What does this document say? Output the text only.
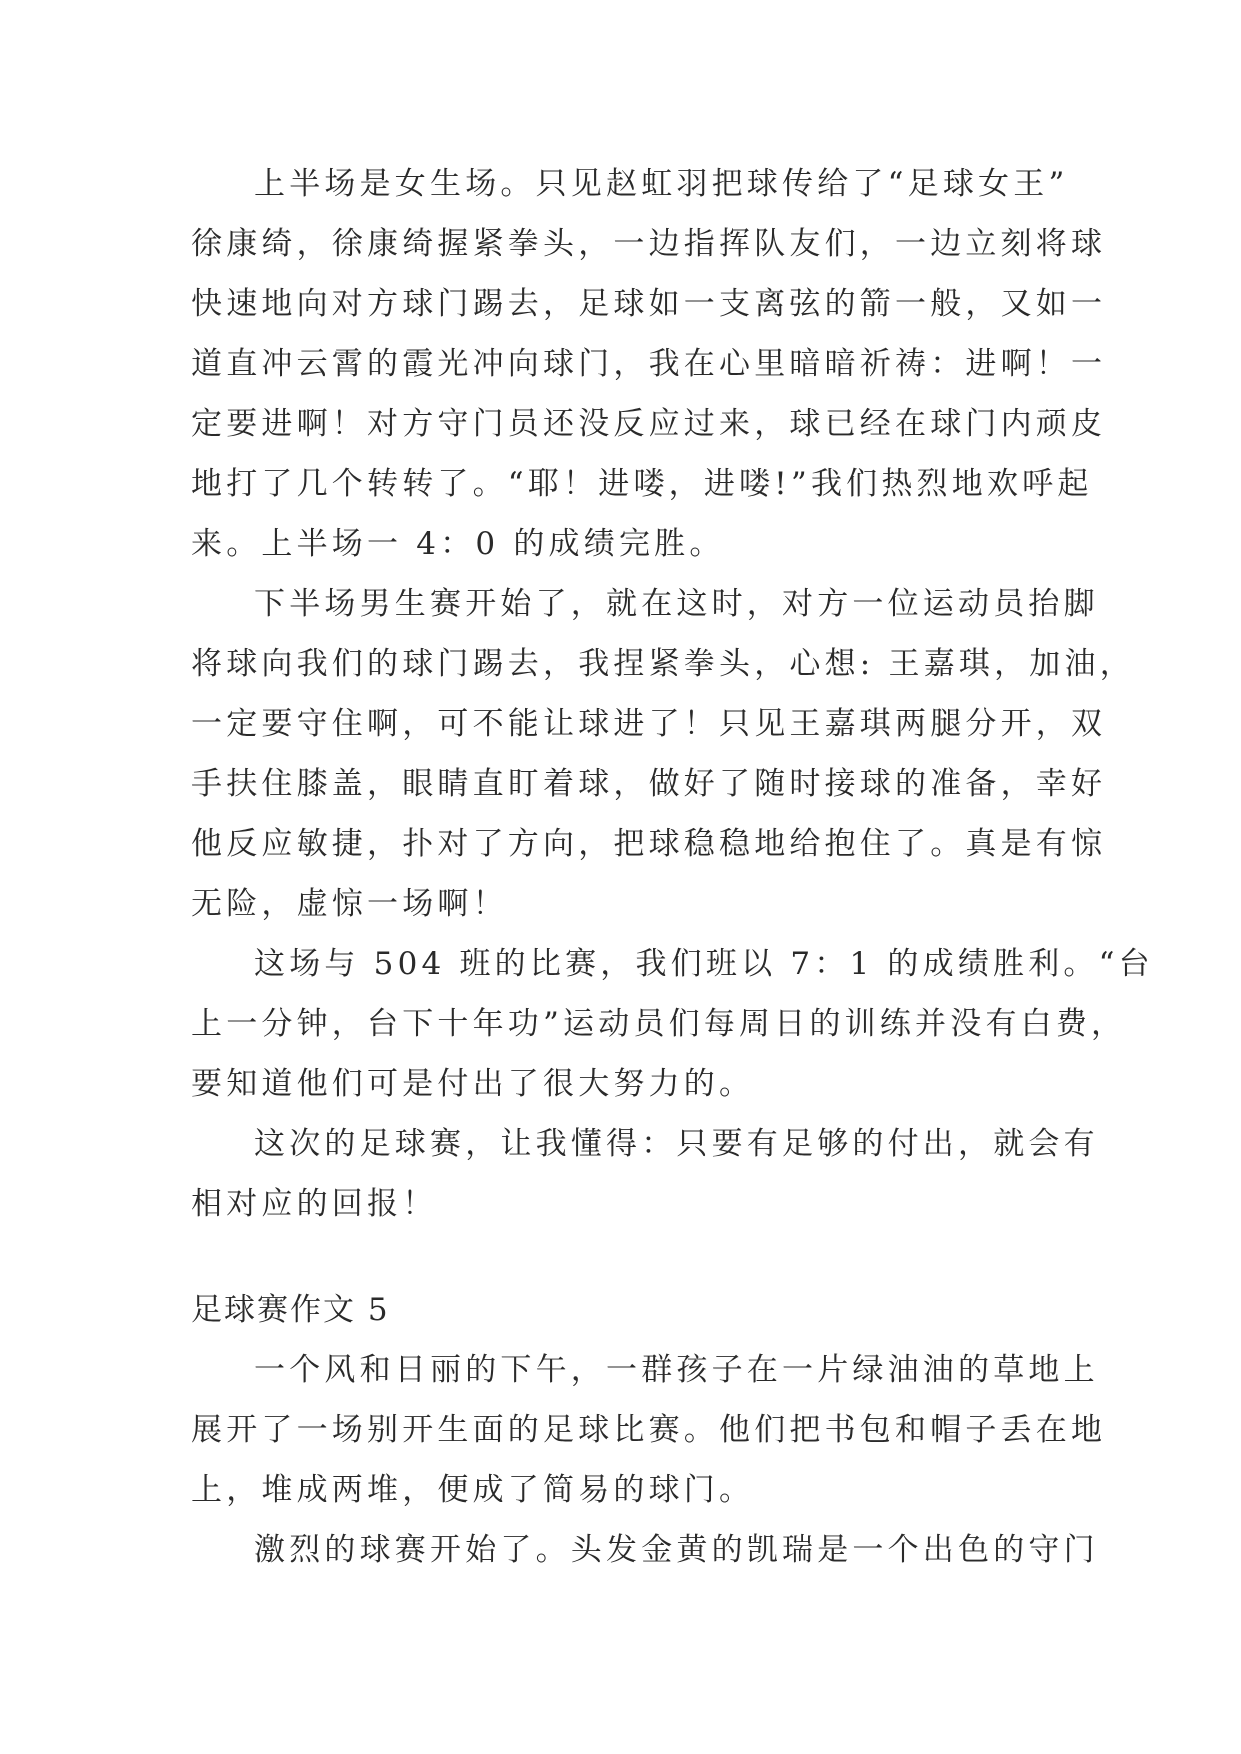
上半场是女生场。只见赵虹羽把球传给了“足球女王”
徐康绮，徐康绮握紧拳头，一边指挥队友们，一边立刻将球
快速地向对方球门踢去，足球如一支离弦的箭一般，又如一
道直冲云霄的霞光冲向球门，我在心里暗暗祈祷：进啊！一
定要进啊！对方守门员还没反应过来，球已经在球门内顽皮
地打了几个转转了。“耶！进喽，进喽!”我们热烈地欢呼起
来。上半场一 4：0 的成绩完胜。
下半场男生赛开始了，就在这时，对方一位运动员抬脚
将球向我们的球门踢去，我捏紧拳头，心想: 王嘉琪，加油，
一定要守住啊，可不能让球进了！只见王嘉琪两腿分开，双
手扶住膝盖，眼睛直盯着球，做好了随时接球的准备，幸好
他反应敏捷，扑对了方向，把球稳稳地给抱住了。真是有惊
无险，虚惊一场啊！
这场与 504 班的比赛，我们班以 7：1 的成绩胜利。“台
上一分钟，台下十年功”运动员们每周日的训练并没有白费，
要知道他们可是付出了很大努力的。
这次的足球赛，让我懂得：只要有足够的付出，就会有
相对应的回报！
足球赛作文 5
一个风和日丽的下午，一群孩子在一片绿油油的草地上
展开了一场别开生面的足球比赛。他们把书包和帽子丢在地
上，堆成两堆，便成了简易的球门。
激烈的球赛开始了。头发金黄的凯瑞是一个出色的守门
